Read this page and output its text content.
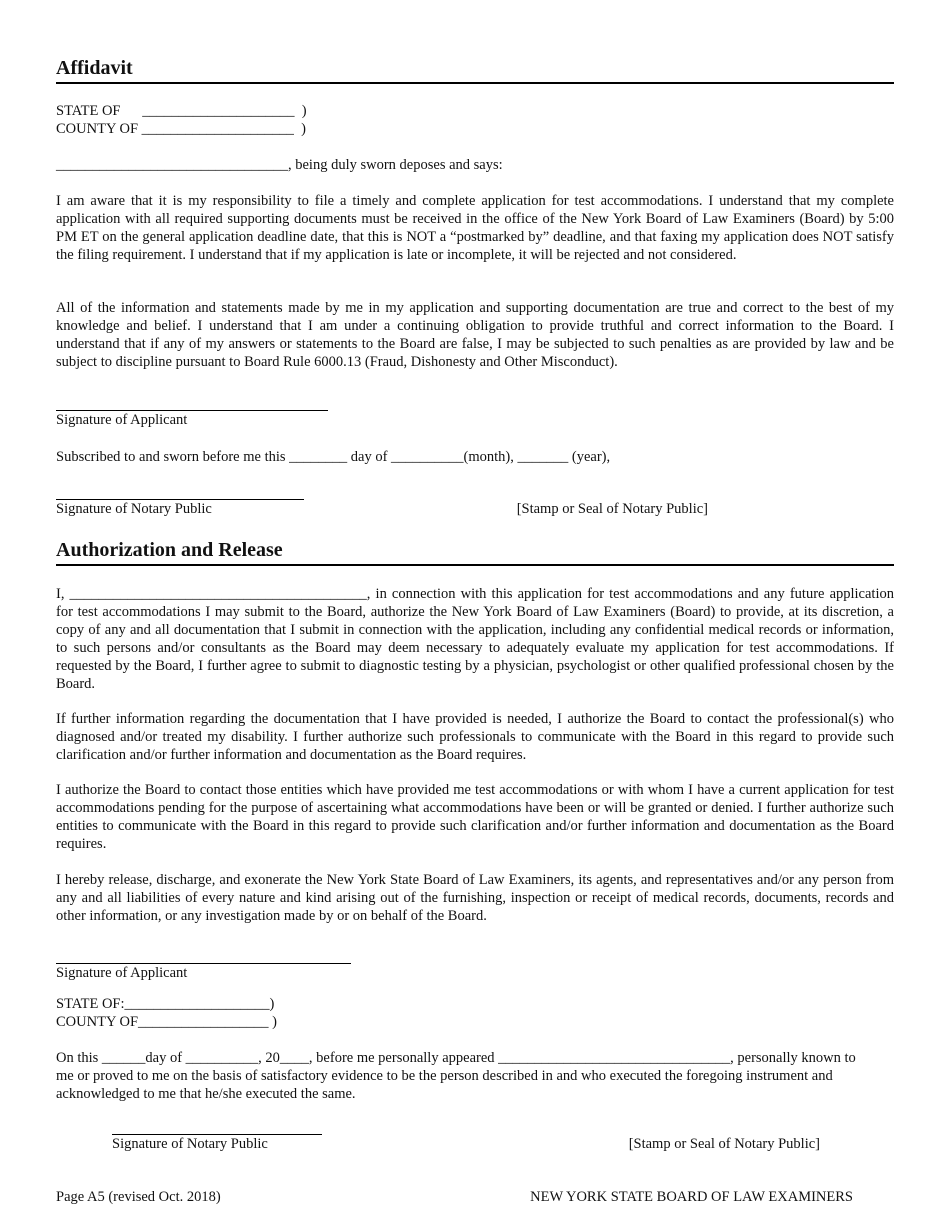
Affidavit

STATE OF      _____________________  )

COUNTY OF _____________________  )

________________________________, being duly sworn deposes and says:

I am aware that it is my responsibility to file a timely and complete application for test accommodations. I understand that my complete application with all required supporting documents must be received in the office of the New York Board of Law Examiners (Board) by 5:00 PM ET on the general application deadline date, that this is NOT a “postmarked by” deadline, and that faxing my application does NOT satisfy the filing requirement. I understand that if my application is late or incomplete, it will be rejected and not considered.

All of the information and statements made by me in my application and supporting documentation are true and correct to the best of my knowledge and belief. I understand that I am under a continuing obligation to provide truthful and correct information to the Board. I understand that if any of my answers or statements to the Board are false, I may be subjected to such penalties as are provided by law and be subject to discipline pursuant to Board Rule 6000.13 (Fraud, Dishonesty and Other Misconduct).

Signature of Applicant

Subscribed to and sworn before me this ________ day of __________(month), _______ (year),

Signature of Notary Public	[Stamp or Seal of Notary Public]

Authorization and Release

I, _________________________________________, in connection with this application for test accommodations and any future application for test accommodations I may submit to the Board, authorize the New York Board of Law Examiners (Board) to provide, at its discretion, a copy of any and all documentation that I submit in connection with the application, including any confidential medical records or information, to such persons and/or consultants as the Board may deem necessary to adequately evaluate my application for test accommodations. If requested by the Board, I further agree to submit to diagnostic testing by a physician, psychologist or other qualified professional chosen by the Board.

If further information regarding the documentation that I have provided is needed, I authorize the Board to contact the professional(s) who diagnosed and/or treated my disability. I further authorize such professionals to communicate with the Board in this regard to provide such clarification and/or further information and documentation as the Board requires.

I authorize the Board to contact those entities which have provided me test accommodations or with whom I have a current application for test accommodations pending for the purpose of ascertaining what accommodations have been or will be granted or denied. I further authorize such entities to communicate with the Board in this regard to provide such clarification and/or further information and documentation as the Board requires.

I hereby release, discharge, and exonerate the New York State Board of Law Examiners, its agents, and representatives and/or any person from any and all liabilities of every nature and kind arising out of the furnishing, inspection or receipt of medical records, documents, records and other information, or any investigation made by or on behalf of the Board.

Signature of Applicant

STATE OF:____________________)

COUNTY OF__________________ )

On this ______day of __________, 20____, before me personally appeared ________________________________, personally known to me or proved to me on the basis of satisfactory evidence to be the person described in and who executed the foregoing instrument and acknowledged to me that he/she executed the same.

Signature of Notary Public	[Stamp or Seal of Notary Public]

Page A5 (revised Oct. 2018)	NEW YORK STATE BOARD OF LAW EXAMINERS
